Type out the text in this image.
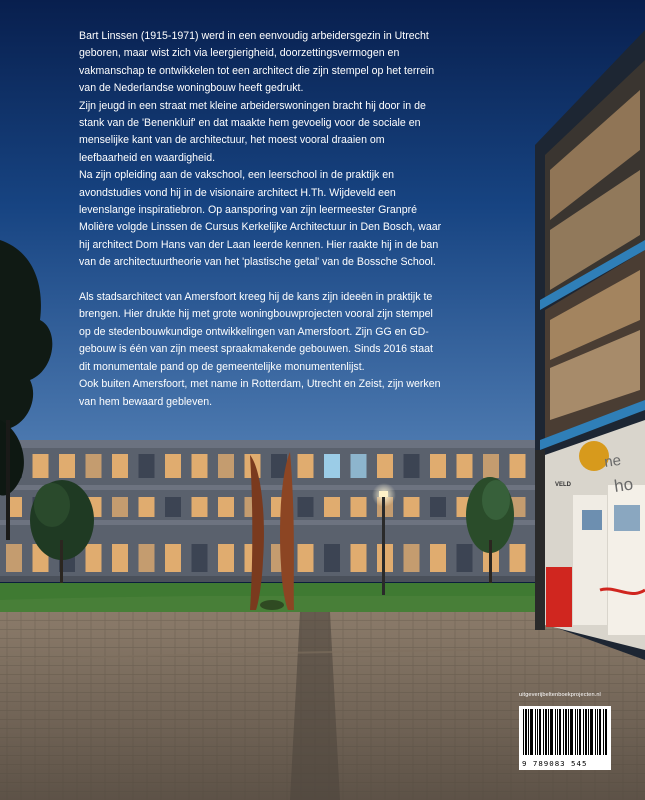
ne
ho
VELD

Bart Linssen (1915-1971) werd in een eenvoudig arbeidersgezin in Utrecht geboren, maar wist zich via leergierigheid, doorzettingsvermogen en vakmanschap te ontwikkelen tot een architect die zijn stempel op het terrein van de Nederlandse woningbouw heeft gedrukt.

Zijn jeugd in een straat met kleine arbeiderswoningen bracht hij door in de stank van de 'Benenkluif' en dat maakte hem gevoelig voor de sociale en menselijke kant van de architectuur, het moest vooral draaien om leefbaarheid en waardigheid.

Na zijn opleiding aan de vakschool, een leerschool in de praktijk en avondstudies vond hij in de visionaire architect H.Th. Wijdeveld een levenslange inspiratiebron. Op aansporing van zijn leermeester Granpré Molière volgde Linssen de Cursus Kerkelijke Architectuur in Den Bosch, waar hij architect Dom Hans van der Laan leerde kennen. Hier raakte hij in de ban van de architectuurtheorie van het 'plastische getal' van de Bossche School.

Als stadsarchitect van Amersfoort kreeg hij de kans zijn ideeën in praktijk te brengen. Hier drukte hij met grote woningbouwprojecten vooral zijn stempel op de stedenbouwkundige ontwikkelingen van Amersfoort. Zijn GG en GD-gebouw is één van zijn meest spraakmakende gebouwen. Sinds 2016 staat dit monumentale pand op de gemeentelijke monumentenlijst.

Ook buiten Amersfoort, met name in Rotterdam, Utrecht en Zeist, zijn werken van hem bewaard gebleven.

uitgeverijbeltenboekprojecten.nl
9 789083 545
